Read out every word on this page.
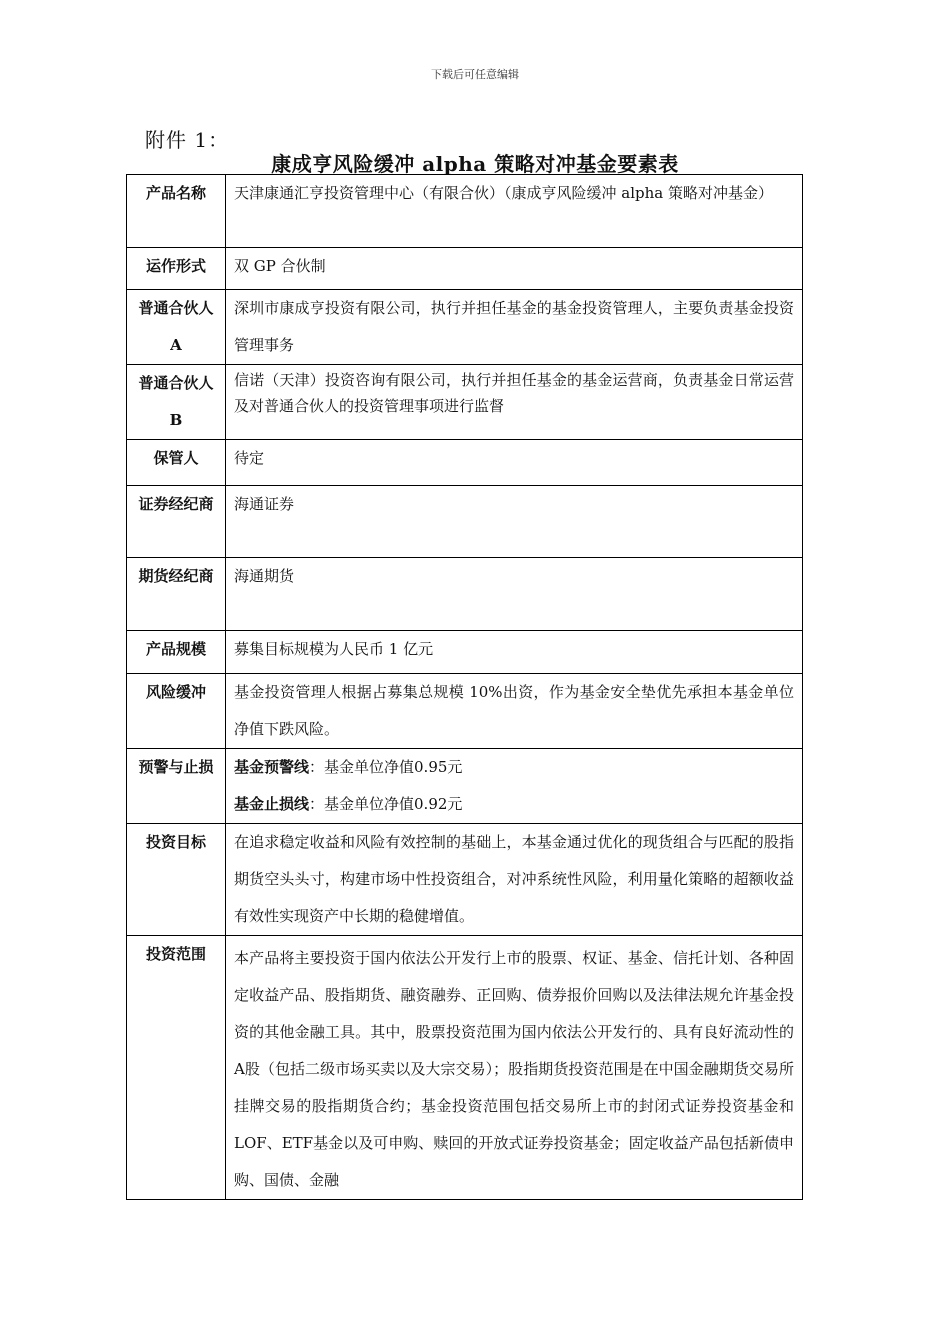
下载后可任意编辑
附件 1：
康成亨风险缓冲 alpha 策略对冲基金要素表
产品名称	天津康通汇亨投资管理中心（有限合伙）（康成亨风险缓冲 alpha 策略对冲基金）
运作形式	双 GP 合伙制
普通合伙人 A	深圳市康成亨投资有限公司，执行并担任基金的基金投资管理人，主要负责基金投资管理事务
普通合伙人 B	信诺（天津）投资咨询有限公司，执行并担任基金的基金运营商，负责基金日常运营及对普通合伙人的投资管理事项进行监督
保管人	待定
证券经纪商	海通证券
期货经纪商	海通期货
产品规模	募集目标规模为人民币 1 亿元
风险缓冲	基金投资管理人根据占募集总规模 10%出资，作为基金安全垫优先承担本基金单位净值下跌风险。
预警与止损	基金预警线：基金单位净值0.95元
基金止损线：基金单位净值0.92元

投资目标	在追求稳定收益和风险有效控制的基础上，本基金通过优化的现货组合与匹配的股指期货空头头寸，构建市场中性投资组合，对冲系统性风险，利用量化策略的超额收益有效性实现资产中长期的稳健增值。
投资范围	本产品将主要投资于国内依法公开发行上市的股票、权证、基金、信托计划、各种固定收益产品、股指期货、融资融券、正回购、债券报价回购以及法律法规允许基金投资的其他金融工具。其中，股票投资范围为国内依法公开发行的、具有良好流动性的A股（包括二级市场买卖以及大宗交易）；股指期货投资范围是在中国金融期货交易所挂牌交易的股指期货合约；基金投资范围包括交易所上市的封闭式证券投资基金和LOF、ETF基金以及可申购、赎回的开放式证券投资基金；固定收益产品包括新债申购、国债、金融
